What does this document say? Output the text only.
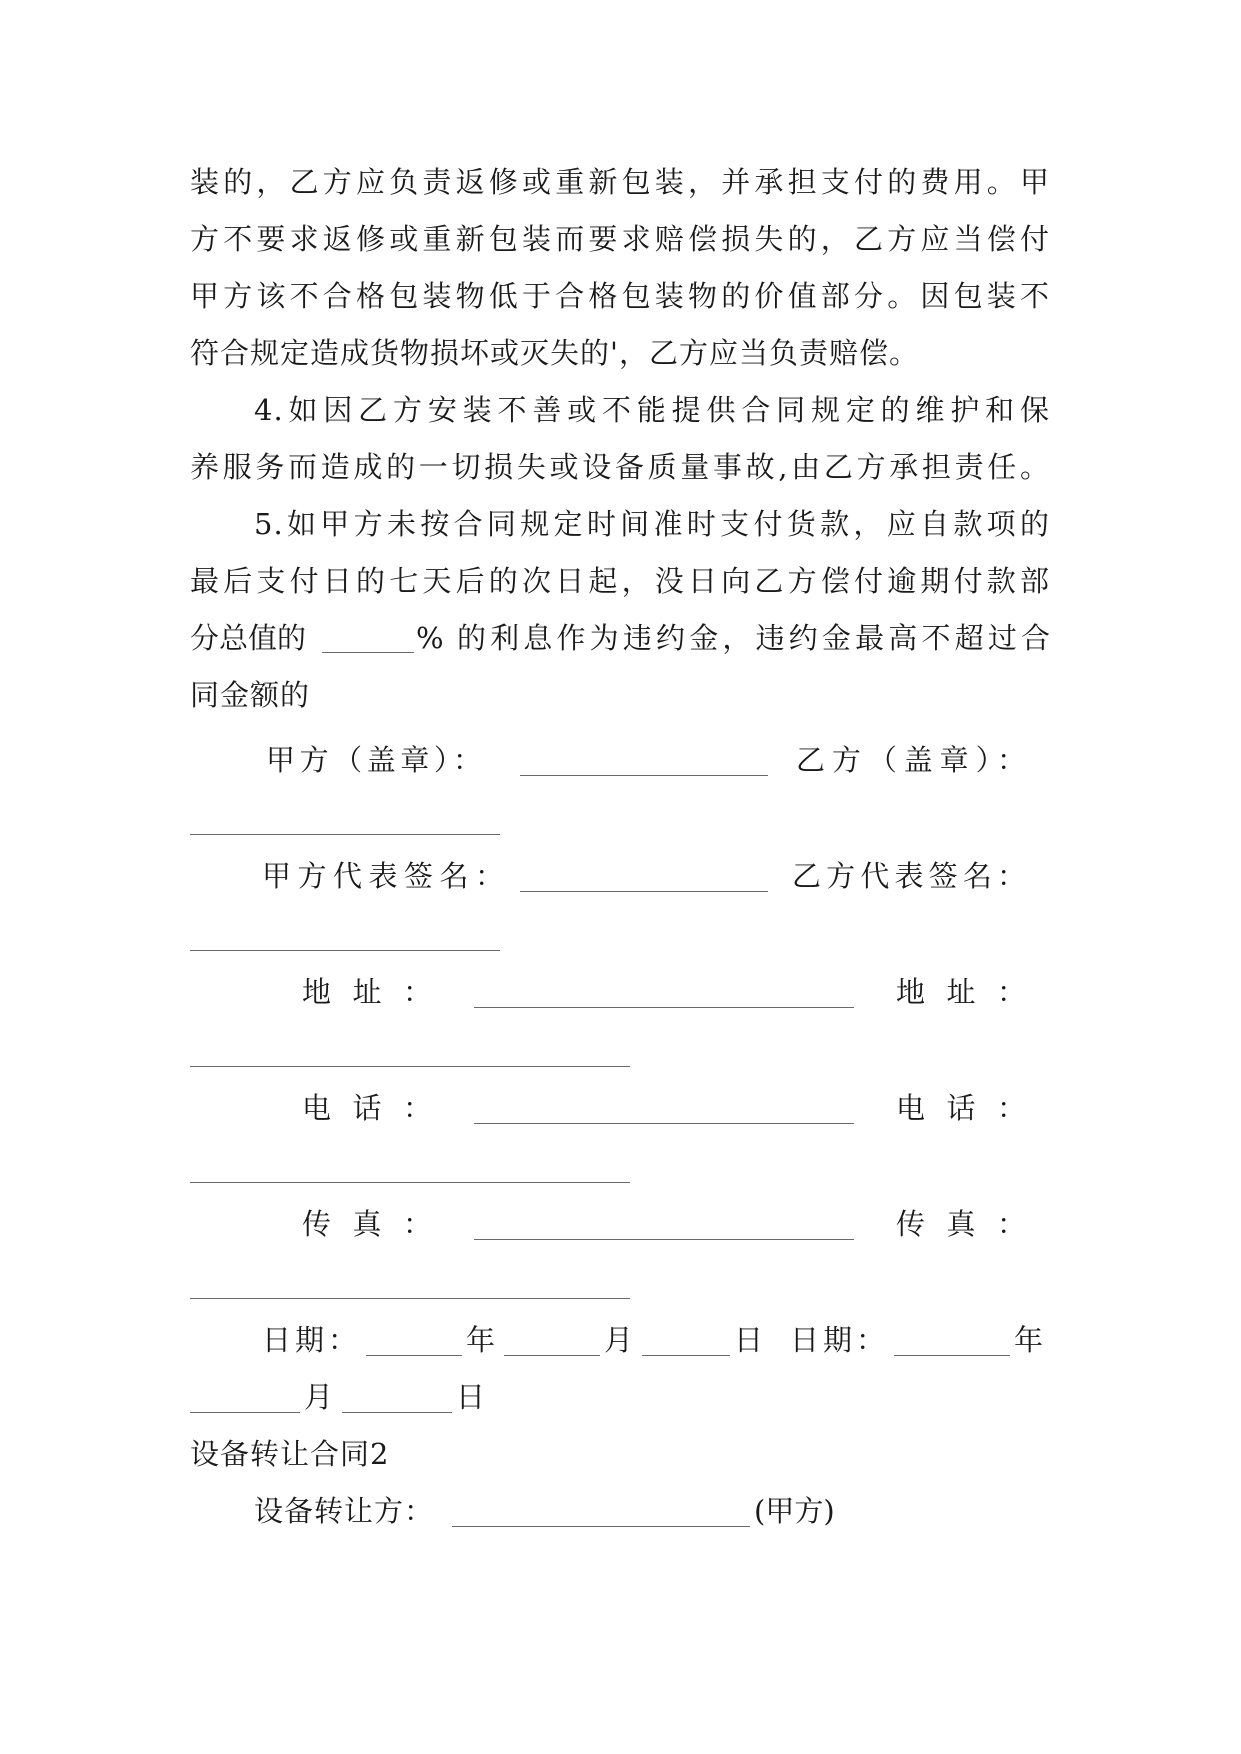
装的，乙方应负责返修或重新包装，并承担支付的费用。甲
方不要求返修或重新包装而要求赔偿损失的，乙方应当偿付
甲方该不合格包装物低于合格包装物的价值部分。因包装不
符合规定造成货物损坏或灭失的'，乙方应当负责赔偿。
4.如因乙方安装不善或不能提供合同规定的维护和保
养服务而造成的一切损失或设备质量事故,由乙方承担责任。
5.如甲方未按合同规定时间准时支付货款，应自款项的
最后支付日的七天后的次日起，没日向乙方偿付逾期付款部
分总值的	% 的利息作为违约金，违约金最高不超过合
同金额的
甲方（盖章）：	乙方（盖章）：
甲方代表签名：	乙方代表签名：
地址：	地址：
电话：	电话：
传真：	传真：
日期：	年	月	日 日期：	年
月	日
设备转让合同2
设备转让方：	(甲方)
